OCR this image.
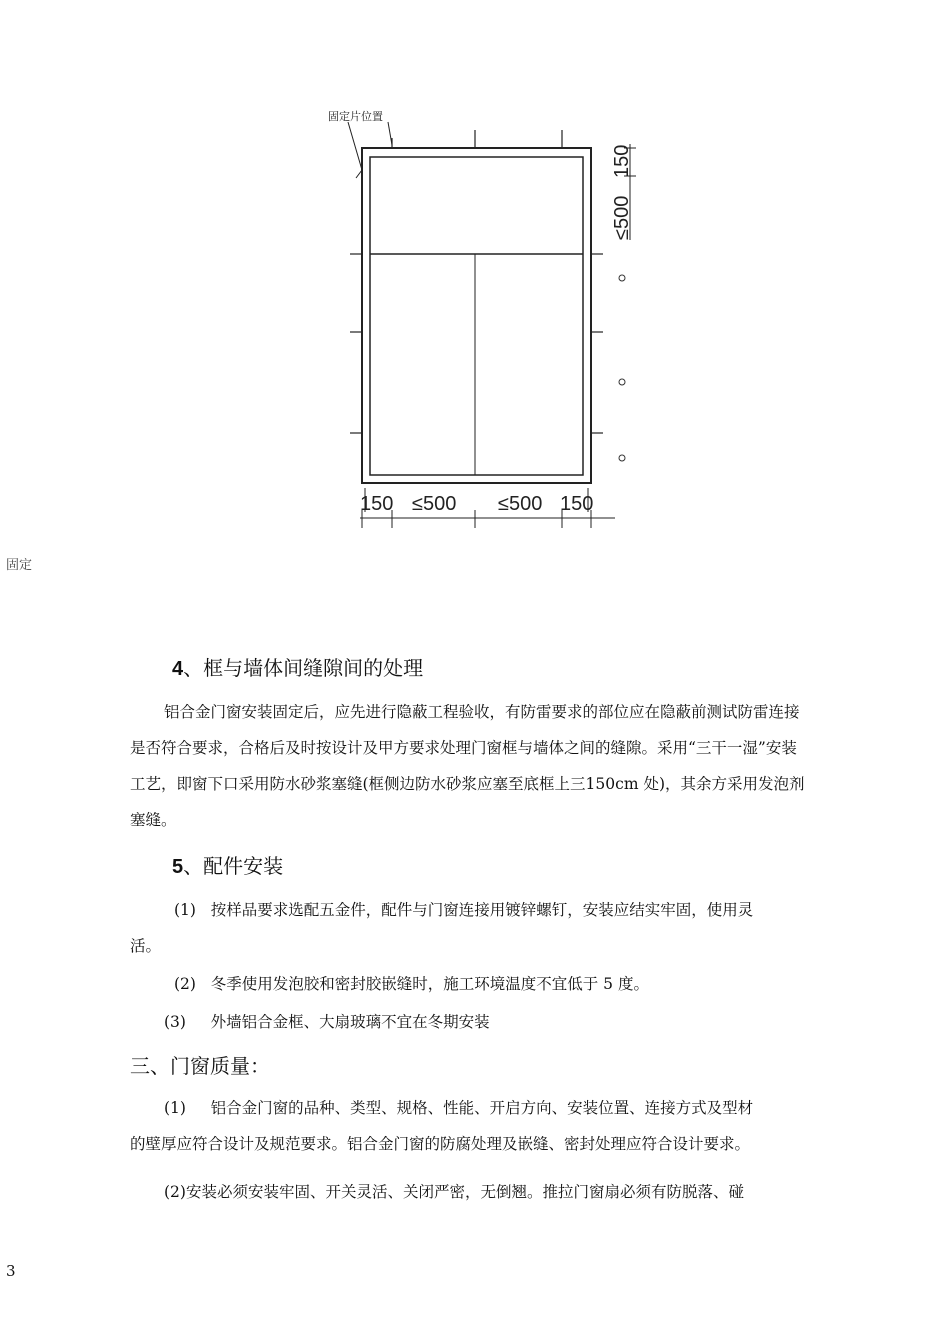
150 ≤500 ≤500 150
150
≤500
固定片位置
固定
4、框与墙体间缝隙间的处理
铝合金门窗安装固定后，应先进行隐蔽工程验收，有防雷要求的部位应在隐蔽前测试防雷连接是否符合要求，合格后及时按设计及甲方要求处理门窗框与墙体之间的缝隙。采用“三干一湿”安装工艺，即窗下口采用防水砂浆塞缝(框侧边防水砂浆应塞至底框上三150cm 处)，其余方采用发泡剂塞缝。
5、配件安装
(1) 按样品要求选配五金件，配件与门窗连接用镀锌螺钉，安装应结实牢固，使用灵
活。
(2) 冬季使用发泡胶和密封胶嵌缝时，施工环境温度不宜低于 5 度。
(3) 外墙铝合金框、大扇玻璃不宜在冬期安装
三、门窗质量：
(1) 铝合金门窗的品种、类型、规格、性能、开启方向、安装位置、连接方式及型材
的壁厚应符合设计及规范要求。铝合金门窗的防腐处理及嵌缝、密封处理应符合设计要求。
(2)安装必须安装牢固、开关灵活、关闭严密，无倒翘。推拉门窗扇必须有防脱落、碰
3
